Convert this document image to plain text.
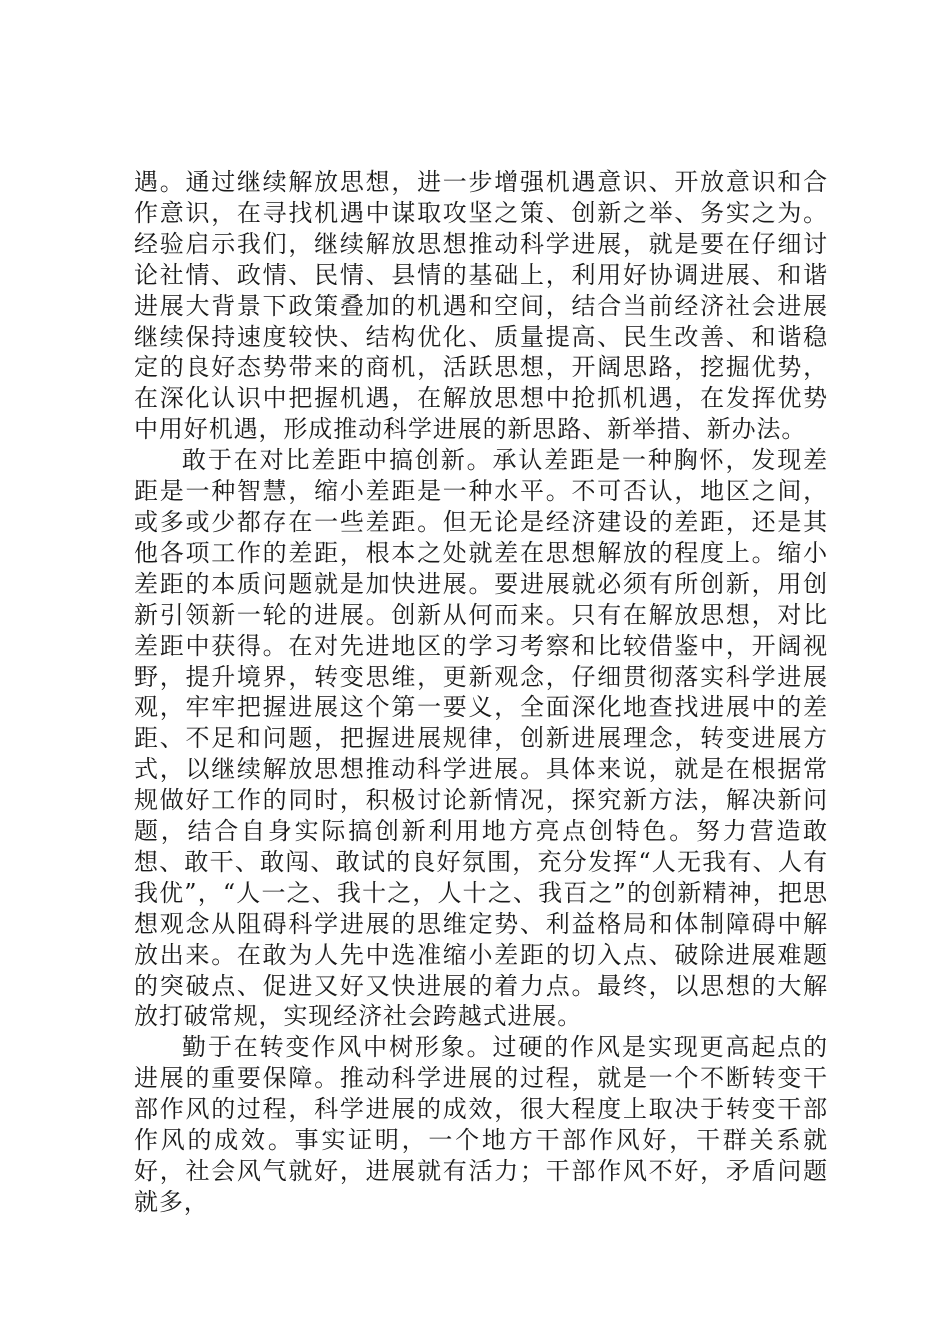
遇。通过继续解放思想，进一步增强机遇意识、开放意识和合作意识，在寻找机遇中谋取攻坚之策、创新之举、务实之为。经验启示我们，继续解放思想推动科学进展，就是要在仔细讨论社情、政情、民情、县情的基础上，利用好协调进展、和谐进展大背景下政策叠加的机遇和空间，结合当前经济社会进展继续保持速度较快、结构优化、质量提高、民生改善、和谐稳定的良好态势带来的商机，活跃思想，开阔思路，挖掘优势，在深化认识中把握机遇，在解放思想中抢抓机遇，在发挥优势中用好机遇，形成推动科学进展的新思路、新举措、新办法。

敢于在对比差距中搞创新。承认差距是一种胸怀，发现差距是一种智慧，缩小差距是一种水平。不可否认，地区之间，或多或少都存在一些差距。但无论是经济建设的差距，还是其他各项工作的差距，根本之处就差在思想解放的程度上。缩小差距的本质问题就是加快进展。要进展就必须有所创新，用创新引领新一轮的进展。创新从何而来。只有在解放思想，对比差距中获得。在对先进地区的学习考察和比较借鉴中，开阔视野，提升境界，转变思维，更新观念，仔细贯彻落实科学进展观，牢牢把握进展这个第一要义，全面深化地查找进展中的差距、不足和问题，把握进展规律，创新进展理念，转变进展方式，以继续解放思想推动科学进展。具体来说，就是在根据常规做好工作的同时，积极讨论新情况，探究新方法，解决新问题，结合自身实际搞创新利用地方亮点创特色。努力营造敢想、敢干、敢闯、敢试的良好氛围，充分发挥“人无我有、人有我优”，“人一之、我十之，人十之、我百之”的创新精神，把思想观念从阻碍科学进展的思维定势、利益格局和体制障碍中解放出来。在敢为人先中选准缩小差距的切入点、破除进展难题的突破点、促进又好又快进展的着力点。最终，以思想的大解放打破常规，实现经济社会跨越式进展。

勤于在转变作风中树形象。过硬的作风是实现更高起点的进展的重要保障。推动科学进展的过程，就是一个不断转变干部作风的过程，科学进展的成效，很大程度上取决于转变干部作风的成效。事实证明，一个地方干部作风好，干群关系就好，社会风气就好，进展就有活力；干部作风不好，矛盾问题就多，
